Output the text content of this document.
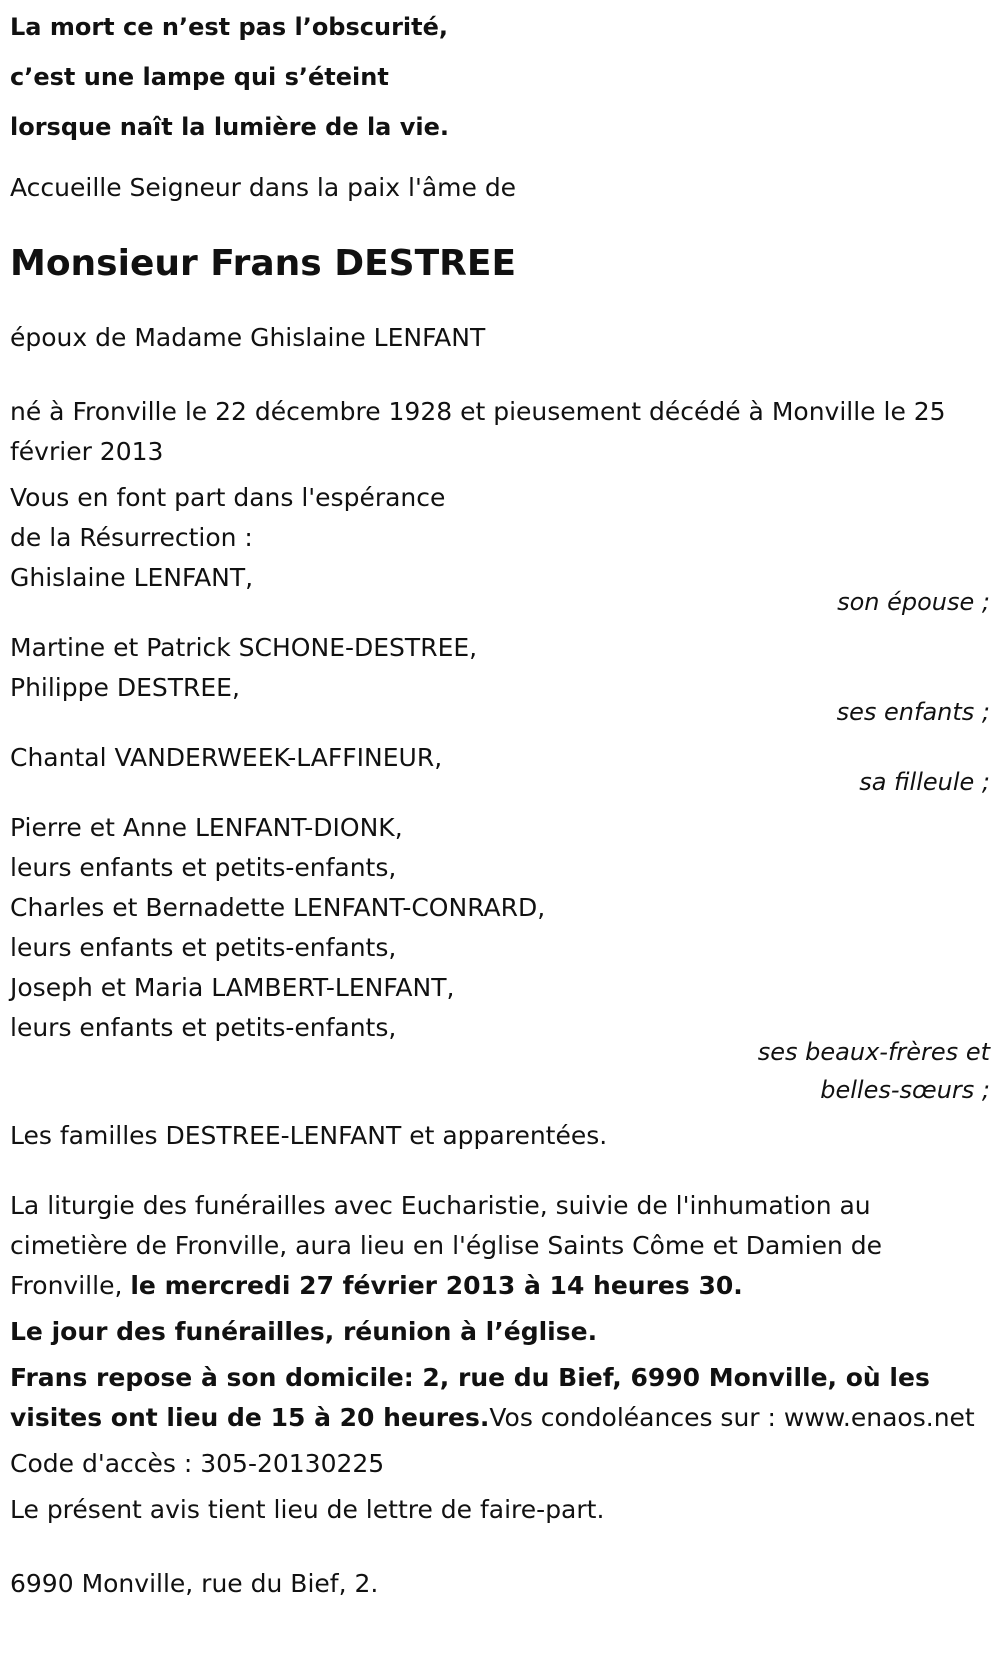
La mort ce n’est pas l’obscurité,
c’est une lampe qui s’éteint
lorsque naît la lumière de la vie.
Accueille Seigneur dans la paix l'âme de
Monsieur Frans DESTREE
époux de Madame Ghislaine LENFANT
né à Fronville le 22 décembre 1928 et pieusement décédé à Monville le 25 février 2013
Vous en font part dans l'espérance
de la Résurrection :
Ghislaine LENFANT,
son épouse ;
Martine et Patrick SCHONE-DESTREE,
Philippe DESTREE,
ses enfants ;
Chantal VANDERWEEK-LAFFINEUR,
sa filleule ;
Pierre et Anne LENFANT-DIONK,
leurs enfants et petits-enfants,
Charles et Bernadette LENFANT-CONRARD,
leurs enfants et petits-enfants,
Joseph et Maria LAMBERT-LENFANT,
leurs enfants et petits-enfants,
ses beaux-frères et
belles-sœurs ;
Les familles DESTREE-LENFANT et apparentées.
La liturgie des funérailles avec Eucharistie, suivie de l'inhumation au cimetière de Fronville, aura lieu en l'église Saints Côme et Damien de Fronville, le mercredi 27 février 2013 à 14 heures 30.
Le jour des funérailles, réunion à l’église.
Frans repose à son domicile: 2, rue du Bief, 6990 Monville, où les visites ont lieu de 15 à 20 heures.Vos condoléances sur : www.enaos.net
Code d'accès : 305-20130225
Le présent avis tient lieu de lettre de faire-part.
6990 Monville, rue du Bief, 2.
